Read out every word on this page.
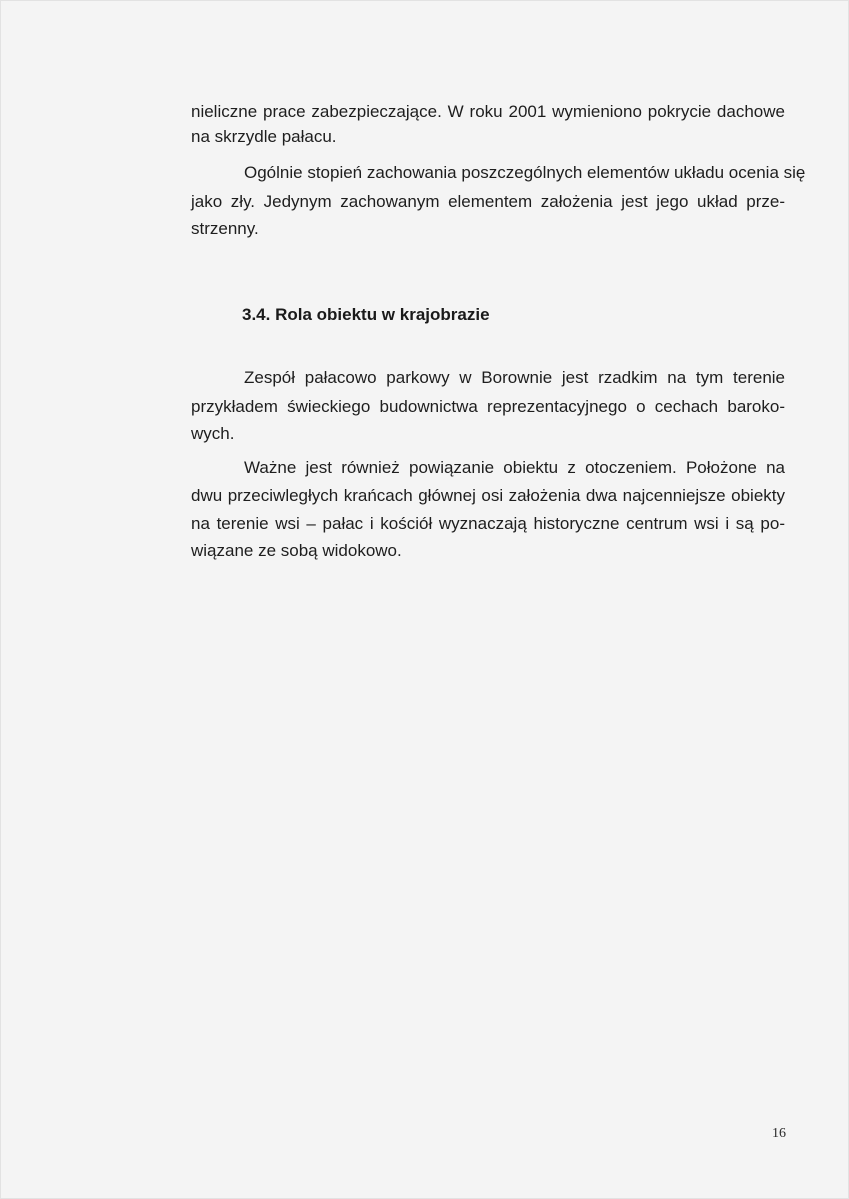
nieliczne prace zabezpieczające. W roku 2001 wymieniono pokrycie dachowe
na skrzydle pałacu.
Ogólnie stopień zachowania poszczególnych elementów układu ocenia się
jako zły. Jedynym zachowanym elementem założenia jest jego układ prze-
strzenny.
3.4. Rola obiektu w krajobrazie
Zespół pałacowo parkowy w Borownie jest rzadkim na tym terenie
przykładem świeckiego budownictwa reprezentacyjnego o cechach baroko-
wych.
Ważne jest również powiązanie obiektu z otoczeniem. Położone na
dwu przeciwległych krańcach głównej osi założenia dwa najcenniejsze obiekty
na terenie wsi – pałac i kościół wyznaczają historyczne centrum wsi i są po-
wiązane ze sobą widokowo.
16
